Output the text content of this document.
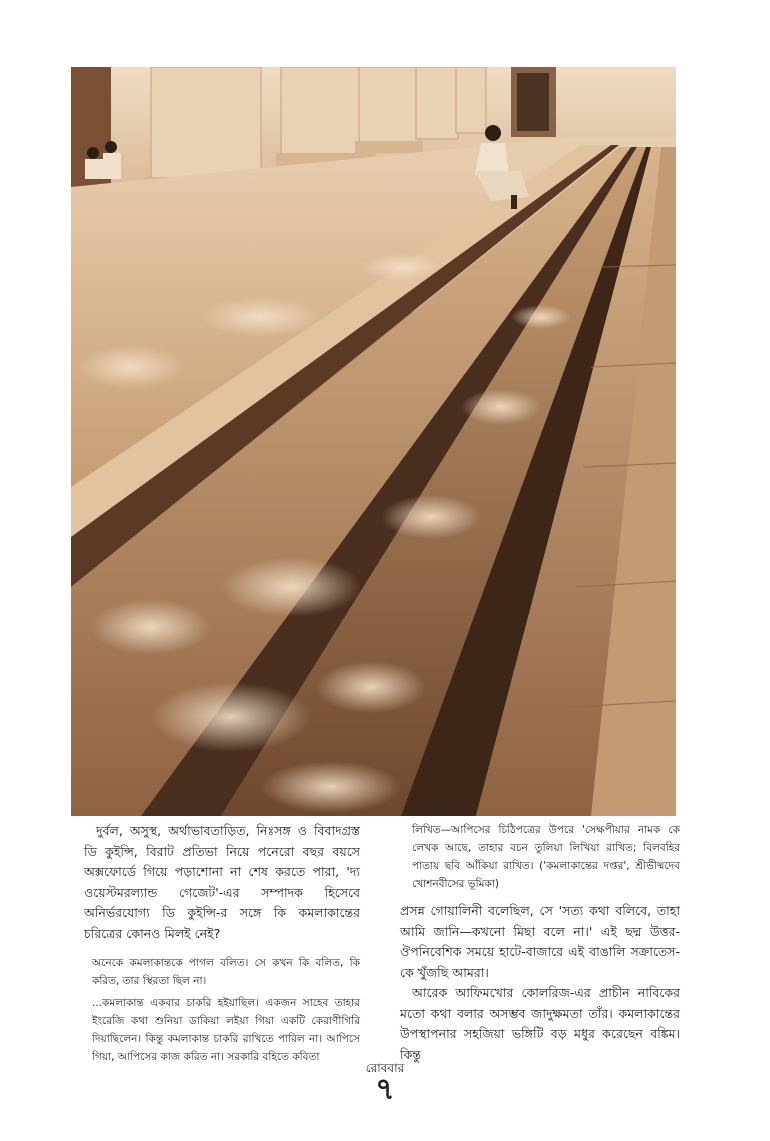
দুর্বল, অসুস্থ, অর্থাভাবতাড়িত, নিঃসঙ্গ ও বিবাদগ্রস্ত ডি কুইন্সি, বিরাট প্রতিভা নিয়ে পনেরো বছর বয়সে অক্সফোর্ডে গিয়ে পড়াশোনা না শেষ করতে পারা, 'দ্য ওয়েস্টমরল্যান্ড গেজেট'-এর সম্পাদক হিসেবে অনির্ভরযোগ্য ডি কুইন্সি-র সঙ্গে কি কমলাকান্তের চরিত্রের কোনও মিলই নেই?

অনেকে কমলাকান্তকে পাগল বলিত। সে কখন কি বলিত, কি করিত, তার স্থিরতা ছিল না।

...কমলাকান্ত একবার চাকরি হইয়াছিল। একজন সাহেব তাহার ইংরেজি কথা শুনিয়া ডাকিয়া লইয়া গিয়া একটি কেরাণীগিরি দিয়াছিলেন। কিন্তু কমলাকান্ত চাকরি রাখিতে পারিল না। আপিসে গিয়া, আপিসের কাজ করিত না। সরকারি বহিতে কবিতা

লিখিত—আপিসের চিঠিপত্রের উপরে 'সেক্ষপীয়ার নামক কে লেখক আছে, তাহার বচন তুলিয়া লিখিয়া রাখিত; বিলবহির পাতায় ছবি আঁকিয়া রাখিত। ('কমলাকান্তের দপ্তর', শ্রীভীষ্মদেব খোশনবীসের ভূমিকা)

প্রসন্ন গোয়ালিনী বলেছিল, সে 'সত্য কথা বলিবে, তাহা আমি জানি—কখনো মিছা বলে না।' এই ছদ্ম উত্তর-ঔপনিবেশিক সময়ে হাটে-বাজারে এই বাঙালি সক্রাতেস-কে খুঁজছি আমরা।

আরেক আফিমখোর কোলরিজ-এর প্রাচীন নাবিকের মতো কথা বলার অসম্ভব জাদুক্ষমতা তাঁর। কমলাকান্তের উপস্থাপনার সহজিয়া ভঙ্গিটি বড় মধুর করেছেন বঙ্কিম। কিন্তু

রোববার
৭
